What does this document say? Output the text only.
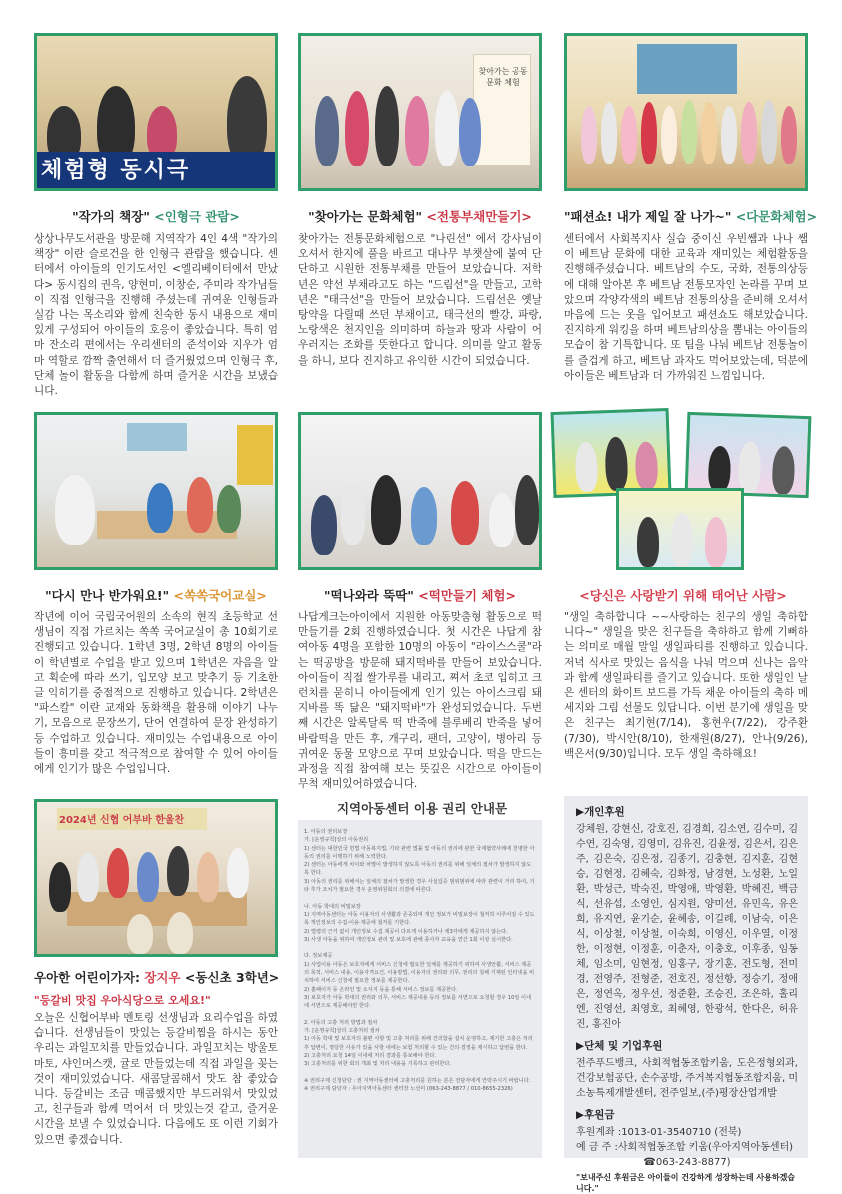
체험형 동시극
"작가의 책장" <인형극 관람>
상상나무도서관을 방문해 지역작가 4인 4색 "작가의 책장" 이란 슬로건을 한 인형극 관람을 했습니다. 센터에서 아이들의 인기도서인 <엘리베이터에서 만났다> 동시집의 권윽, 양현미, 이창순, 주미라 작가님들이 직접 인형극을 진행해 주셨는데 귀여운 인형들과 실감 나는 목소리와 함께 친숙한 동시 내용으로 재미있게 구성되어 아이들의 호응이 좋았습니다. 특히 엄마 잔소리 편에서는 우리센터의 준석이와 지우가 엄마 역할로 깜짝 출연해서 더 즐거웠었으며 인형극 후, 단체 놀이 활동을 다함께 하며 즐거운 시간을 보냈습니다.
찾아가는 공동문화 체험
"찾아가는 문화체험" <전통부채만들기>
찾아가는 전통문화체험으로 "나린선" 에서 강사님이 오셔서 한지에 풀을 바르고 대나무 부챗살에 붙여 단단하고 시원한 전통부채를 만들어 보았습니다. 저학년은 약선 부채라고도 하는 "드림선"을 만들고, 고학년은 "태극선"을 만들어 보았습니다. 드림선은 옛날 탕약을 다릴때 쓰던 부채이고, 태극선의 빨강, 파랑,노랑색은 천지인을 의미하며 하늘과 땅과 사람이 어우러지는 조화를 뜻한다고 합니다. 의미를 알고 활동을 하니, 보다 진지하고 유익한 시간이 되었습니다.
"패션쇼! 내가 제일 잘 나가~" <다문화체험>
센터에서 사회복지사 실습 중이신 우빈쌤과 나나 쌤이 베트남 문화에 대한 교육과 재미있는 체험활동을 진행해주셨습니다. 베트남의 수도, 국화, 전통의상등에 대해 알아본 후 베트남 전통모자인 논라를 꾸며 보았으며 각양각색의 베트남 전통의상을 준비해 오셔서 마음에 드는 옷을 입어보고 패션쇼도 해보았습니다. 진지하게 워킹을 하며 베트남의상을 뽐내는 아이들의 모습이 참 기특합니다. 또 팀을 나눠 베트남 전통놀이를 즐겁게 하고, 베트남 과자도 먹어보았는데, 덕분에 아이들은 베트남과 더 가까워진 느낌입니다.
"다시 만나 반가워요!" <쏙쏙국어교실>
작년에 이어 국립국어원의 소속의 현직 초등학교 선생님이 직접 가르치는 쏙쏙 국어교실이 총 10회기로 진행되고 있습니다. 1학년 3명, 2학년 8명의 아이들이 학년별로 수업을 받고 있으며 1학년은 자음을 알고 획순에 따라 쓰기, 입모양 보고 맞추기 등 기초한글 익히기를 중점적으로 진행하고 있습니다. 2학년은 "파스칼" 이란 교재와 동화책을 활용해 이야기 나누기, 모음으로 문장쓰기, 단어 연결하여 문장 완성하기등 수업하고 있습니다. 재미있는 수업내용으로 아이들이 흥미를 갖고 적극적으로 참여할 수 있어 아이들에게 인기가 많은 수업입니다.
"떡나와라 뚝딱" <떡만들기 체험>
나답게크는아이에서 지원한 아동맞춤형 활동으로 떡만들기를 2회 진행하였습니다. 첫 시간은 나답게 참여아동 4명을 포함한 10명의 아동이 "라이스스쿨"라는 떡공방을 방문해 돼지떡바를 만들어 보았습니다. 아이들이 직접 쌀가루를 내리고, 쪄서 초코 입히고 크런치를 묻히니 아이들에게 인기 있는 아이스크림 돼지바를 똑 닮은 "돼지떡바"가 완성되었습니다. 두번째 시간은 알록달록 떡 반죽에 블루베리 반죽을 넣어 바람떡을 만든 후, 개구리, 팬더, 고양이, 병아리 등 귀여운 동물 모양으로 꾸며 보았습니다. 떡을 만드는 과정을 직접 참여해 보는 뜻깊은 시간으로 아이들이 무척 재미있어하였습니다.
<당신은 사랑받기 위해 태어난 사람>
"생일 축하합니다 ~~사랑하는 친구의 생일 축하합니다~" 생일을 맞은 친구들을 축하하고 함께 기뻐하는 의미로 매월 말일 생일파티를 진행하고 있습니다. 저녁 식사로 맛있는 음식을 나눠 먹으며 신나는 음악과 함께 생일파티를 즐기고 있습니다. 또한 생일인 날은 센터의 화이트 보드를 가득 채운 아이들의 축하 메세지와 그림 선물도 있답니다. 이번 분기에 생일을 맞은 친구는 최기현(7/14), 홍현우(7/22), 강주환(7/30), 박시안(8/10), 한재원(8/27), 안나(9/26), 백은서(9/30)입니다. 모두 생일 축하해요!
2024년 신협 어부바 한울찬
우아한 어린이가자: 장지우 <동신초 3학년>
"등갈비 맛집 우아식당으로 오세요!"
오늘은 신협어부바 멘토링 선생님과 요리수업을 하였습니다. 선생님들이 맛있는 등갈비찜을 하시는 동안 우리는 과일꼬치를 만들었습니다. 과일꼬치는 방울토마토, 샤인머스캣, 귤로 만들었는데 직접 과일을 꽂는 것이 재미있었습니다. 새콤달콤해서 맛도 참 좋았습니다. 등갈비는 조금 매콤했지만 부드러워서 맛있었고, 친구들과 함께 먹어서 더 맛있는것 같고, 즐거운 시간을 보낼 수 있었습니다. 다음에도 또 이런 기회가 있으면 좋겠습니다.
지역아동센터 이용 권리 안내문
1. 아동의 권리보장
가. [운영규칙]상의 아동권리
1) 센터는 대한민국 헌법 아동복지법, 기타 관련 법률 및 아동의 권리에 관한 국제협약사례에 천명한 아동의 권리를 이행하기 위해 노력한다.
2) 센터는 아동에게 차이와 차별이 발생하지 않도록 아동의 권리를 위해 일체의 절차가 발생하지 않도록 한다.
3) 아동의 권리를 위해서는 일체의 절차가 발생한 경우 사실입증 범위범위에 따라 관련이 거리 하여, 기타 추가 조치가 필요한 경우 운영위원회의 의결에 따른다.

나. 아동 학대의 비밀보장
1) 지역아동센터는 아동 이용자의 사생활과 존중되며 개인 정보가 비밀보장이 철저히 이루어질 수 있도록 개인정보의 수집·이용·제공에 철저를 기한다.
2) 법령의 근거 없이 개인정보 수집 제공이 다르게 이용하거나 제3자에게 제공하지 않는다.
3) 사생 아동을 위하여 개인정보 관리 및 보호에 관해 종사자 교육을 연간 1회 이상 실시한다.

다. 정보제공
1) 사업이용 아동은 보호자에게 서비스 신청에 필요한 일체를 제공하기 위하여 사생안활, 서비스 제공의 목적, 서비스 내용, 이용자격요건, 이용방법, 이용자의 권리와 의무, 권리의 침해 기재된 인터넷을 비치하여 서비스 신청에 필요한 정보를 제공한다.
2) 홈페이지 등 온라인 및 소식지 등을 통해 서비스 정보를 제공한다.
3) 보호자가 아동 학대의 권리와 의무, 서비스 제공내용 등의 정보를 서면으로 요청할 경우 10일 이내에 서면으로 제공해야만 한다.

2. 아동의 고충 처리 방법과 절차
가. [운영규칙]상의 고충처리 절차
1) 아동 학대 및 보호자의 불편 사항 및 고충 처리를 위해 건의함을 설치 운영하고, 제기한 고충은 처리 후 답변이, 정당한 사유가 있을 사항 내에는 보험 처리할 수 있는 건의·결정을 제시하고 답변을 한다.
2) 고충처리 요청 14일 이내에 처리 결과를 통보해야 한다.
3) 고충처리를 위한 회의 개최 및 처리 내용을 기록하고 관리한다.

※ 권리구제 신청담당 : 권 지역아동센터에 고충처리를 원하는 분은 전담자에게 연락주시기 바랍니다.
※ 권리구제 담당자 : 우아지역아동센터 센터장 노선미 (063-243-8877 / 010-8655-2326)
▶개인후원
강체원, 강현신, 강호진, 김경희, 김소연, 김수미, 김수연, 김숙영, 김영미, 김유진, 김윤정, 김은서, 김은주, 김은숙, 김은정, 김종기, 김충현, 김지훈, 김현승, 김현정, 김혜숙, 김화정, 남경현, 노성환, 노일환, 박성근, 박숙진, 박영애, 박영환, 박혜진, 백금식, 선유섭, 소영인, 심지원, 양미선, 유민옥, 유은희, 유지연, 윤기순, 윤혜송, 이길례, 이남숙, 이은식, 이상철, 이상철, 이숙희, 이영신, 이우열, 이정한, 이정현, 이정훈, 이춘자, 이충호, 이후종, 임동체, 임소미, 임현정, 임홍구, 장기훈, 전도형, 전미경, 전영주, 전형준, 전호진, 정선항, 정승기, 정애은, 정연옥, 정우선, 정준환, 조승진, 조은하, 홀리엔, 진영선, 최영호, 최혜영, 한광석, 한다은, 허유진, 홍진아
▶단체 및 기업후원
전주푸드뱅크, 사회적협동조합키움, 도은정형외과, 건강보험공단, 손수공방, 주거복지협동조합지움, 미소농특제개발센터, 전주일보,(주)평장산업개발
▶후원금
후원계좌 :1013-01-3540710 (전북)
예 금 주 :사회적협동조합 키움(우아지역아동센터)
☎063-243-8877)
"보내주신 후원금은 아이들이 건강하게 성장하는데 사용하겠습니다."
